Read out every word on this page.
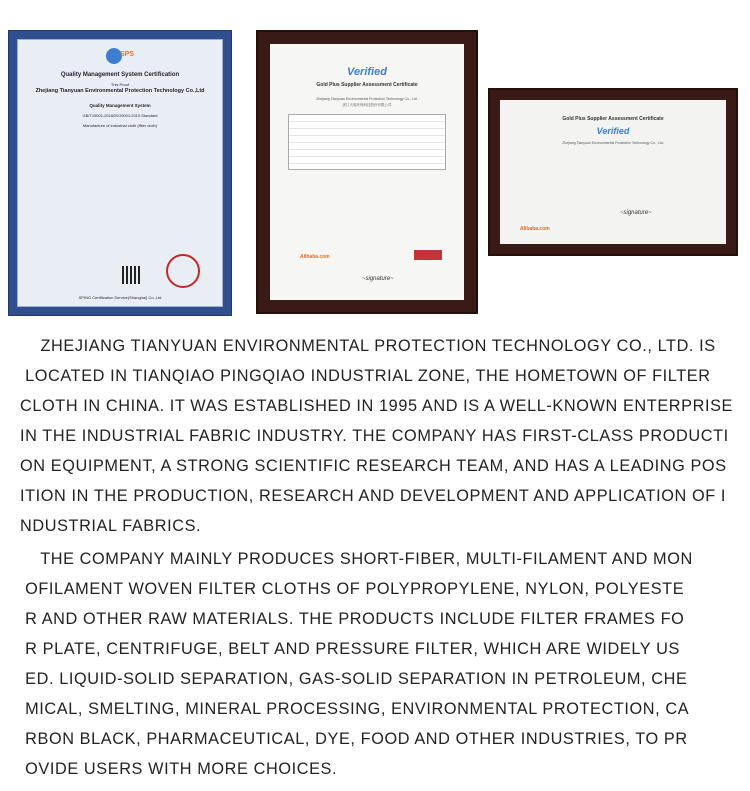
SPS
Quality Management System Certification
This Proof
Zhejiang Tianyuan Environmental Protection Technology Co.,Ltd
Quality Management System
GB/T19001-2016/ISO9001:2015 Standard
Manufacture of industrial cloth (filter cloth)
SPING Certification Service(Shanghai) Co.,Ltd
Verified
Gold Plus Supplier Assessment Certificate
Zhejiang Tianyuan Environmental Protection Technology Co., Ltd.
浙江天源环保科技股份有限公司
Alibaba.com
~signature~
Gold Plus Supplier Assessment Certificate
Verified
Zhejiang Tianyuan Environmental Protection Technology Co., Ltd.
Alibaba.com
~signature~
ZHEJIANG TIANYUAN ENVIRONMENTAL PROTECTION TECHNOLOGY CO., LTD. IS
LOCATED IN TIANQIAO PINGQIAO INDUSTRIAL ZONE, THE HOMETOWN OF FILTER
CLOTH IN CHINA. IT WAS ESTABLISHED IN 1995 AND IS A WELL-KNOWN ENTERPRISE
IN THE INDUSTRIAL FABRIC INDUSTRY. THE COMPANY HAS FIRST-CLASS PRODUCTI
ON EQUIPMENT, A STRONG SCIENTIFIC RESEARCH TEAM, AND HAS A LEADING POS
ITION IN THE PRODUCTION, RESEARCH AND DEVELOPMENT AND APPLICATION OF I
NDUSTRIAL FABRICS.
THE COMPANY MAINLY PRODUCES SHORT-FIBER, MULTI-FILAMENT AND MON
OFILAMENT WOVEN FILTER CLOTHS OF POLYPROPYLENE, NYLON, POLYESTE
R AND OTHER RAW MATERIALS. THE PRODUCTS INCLUDE FILTER FRAMES FO
R PLATE, CENTRIFUGE, BELT AND PRESSURE FILTER, WHICH ARE WIDELY US
ED. LIQUID-SOLID SEPARATION, GAS-SOLID SEPARATION IN PETROLEUM, CHE
MICAL, SMELTING, MINERAL PROCESSING, ENVIRONMENTAL PROTECTION, CA
RBON BLACK, PHARMACEUTICAL, DYE, FOOD AND OTHER INDUSTRIES, TO PR
OVIDE USERS WITH MORE CHOICES.
